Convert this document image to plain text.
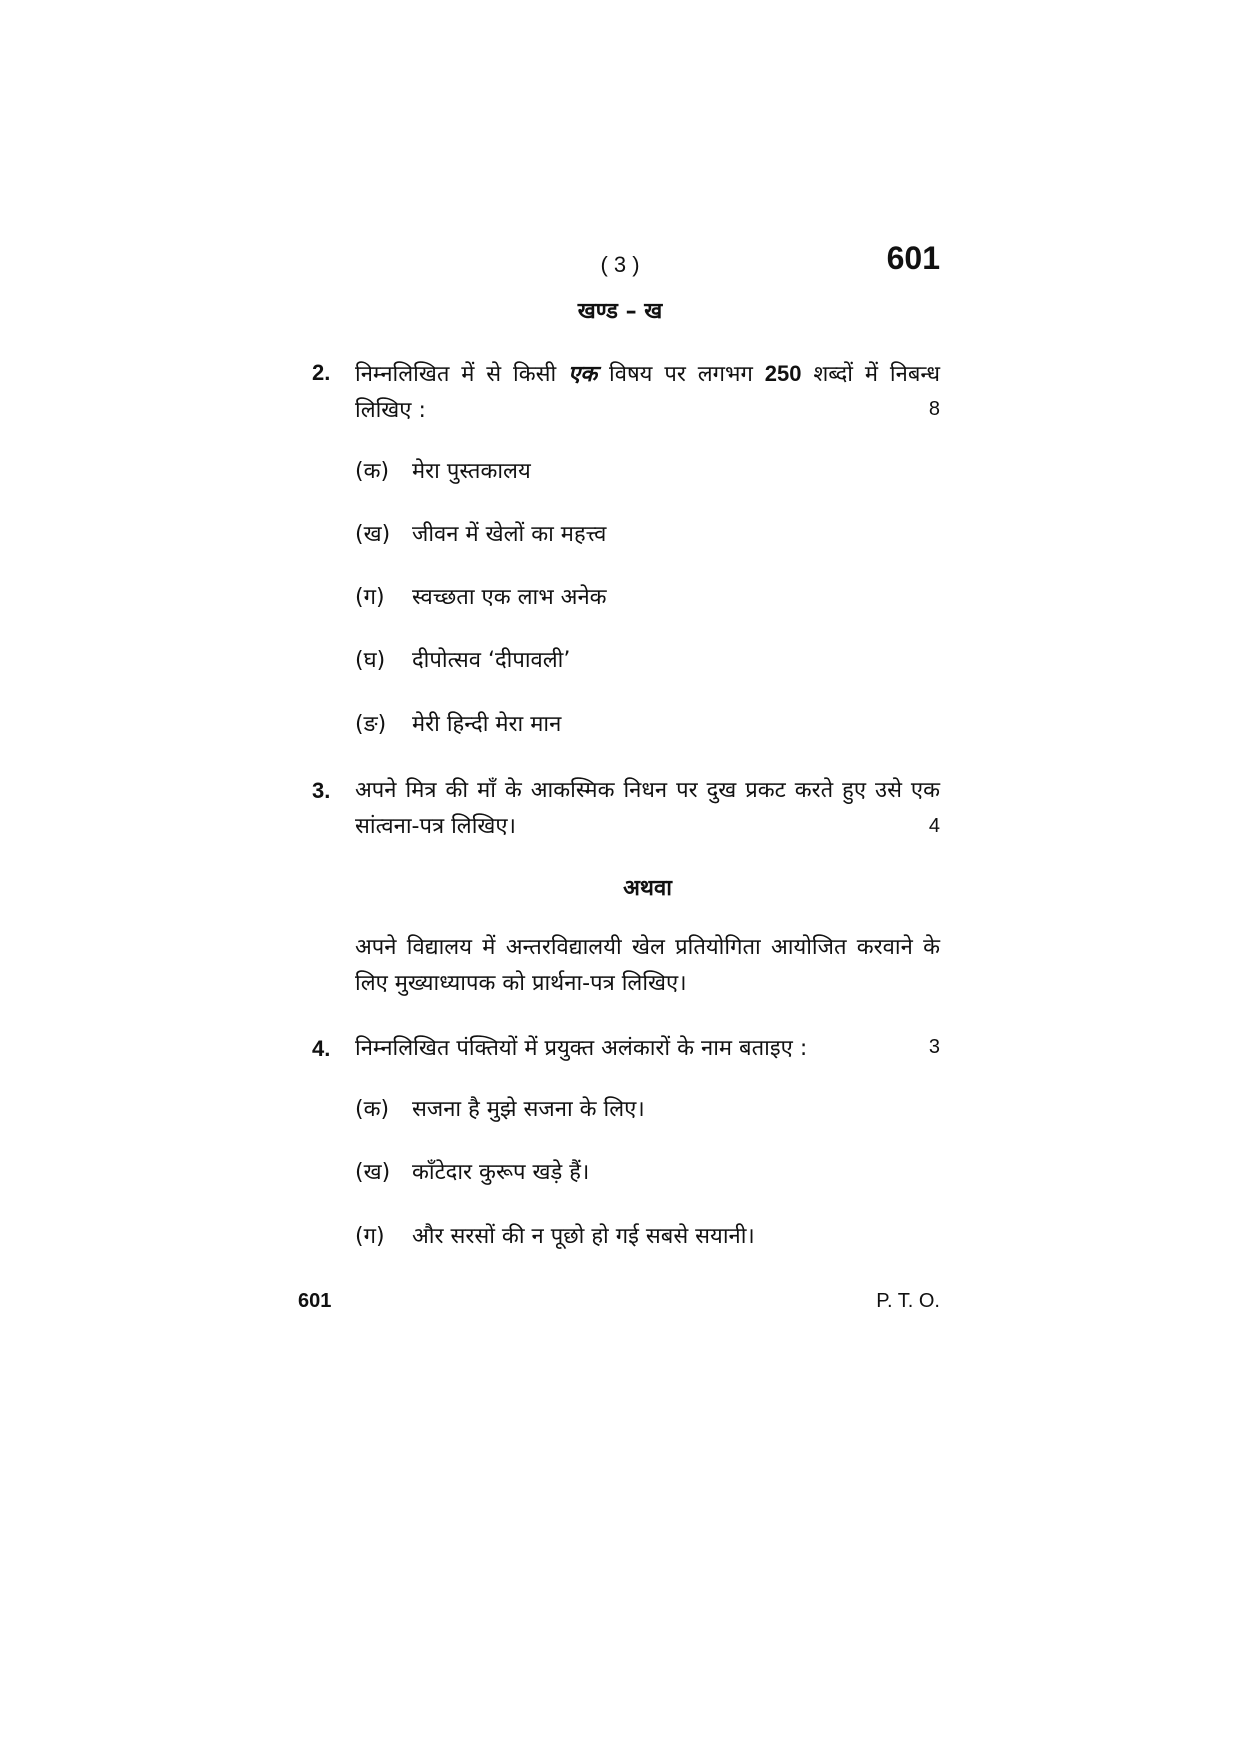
( 3 )	601
खण्ड – ख
2. निम्नलिखित में से किसी एक विषय पर लगभग 250 शब्दों में निबन्ध लिखिए :	8
(क) मेरा पुस्तकालय
(ख) जीवन में खेलों का महत्त्व
(ग) स्वच्छता एक लाभ अनेक
(घ) दीपोत्सव ‘दीपावली’
(ङ) मेरी हिन्दी मेरा मान
3. अपने मित्र की माँ के आकस्मिक निधन पर दुख प्रकट करते हुए उसे एक सांत्वना-पत्र लिखिए।	4
अथवा
अपने विद्यालय में अन्तरविद्यालयी खेल प्रतियोगिता आयोजित करवाने के लिए मुख्याध्यापक को प्रार्थना-पत्र लिखिए।
4. निम्नलिखित पंक्तियों में प्रयुक्त अलंकारों के नाम बताइए :	3
(क) सजना है मुझे सजना के लिए।
(ख) काँटेदार कुरूप खड़े हैं।
(ग) और सरसों की न पूछो हो गई सबसे सयानी।
601	P. T. O.
